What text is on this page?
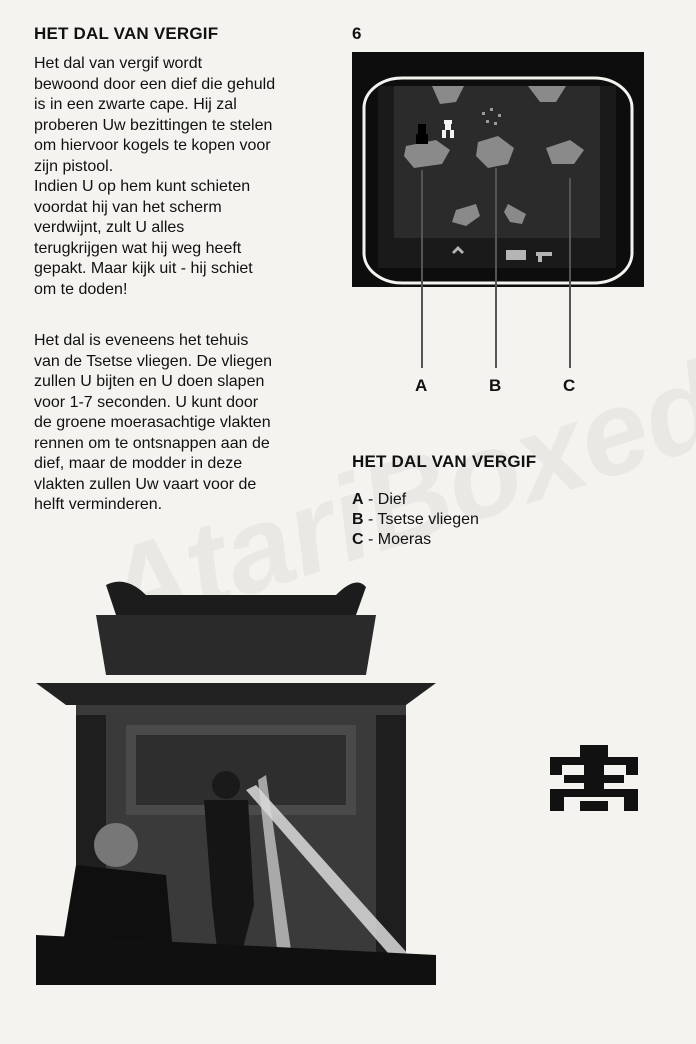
HET DAL VAN VERGIF	6

Het dal van vergif wordt
bewoond door een dief die gehuld
is in een zwarte cape. Hij zal
proberen Uw bezittingen te stelen
om hiervoor kogels te kopen voor
zijn pistool.
Indien U op hem kunt schieten
voordat hij van het scherm
verdwijnt, zult U alles
terugkrijgen wat hij weg heeft
gepakt. Maar kijk uit - hij schiet
om te doden!

Het dal is eveneens het tehuis
van de Tsetse vliegen. De vliegen
zullen U bijten en U doen slapen
voor 1-7 seconden. U kunt door
de groene moerasachtige vlakten
rennen om te ontsnappen aan de
dief, maar de modder in deze
vlakten zullen Uw vaart voor de
helft verminderen.

A	B	C
HET DAL VAN VERGIF
A - Dief
B - Tsetse vliegen
C - Moeras
